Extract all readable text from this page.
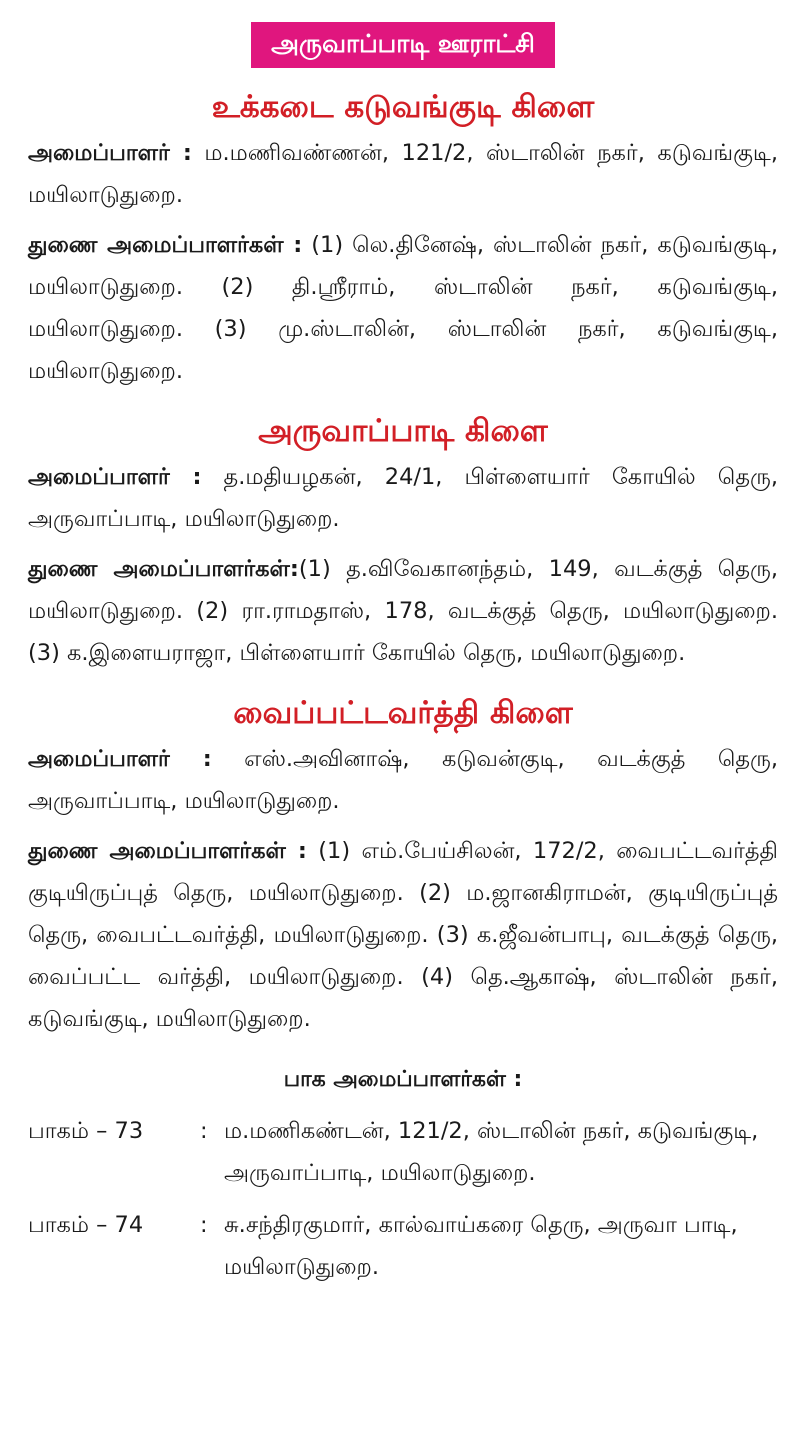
அருவாப்பாடி ஊராட்சி
உக்கடை கடுவங்குடி கிளை

அமைப்பாளர் : ம.மணிவண்ணன், 121/2, ஸ்டாலின் நகர், கடுவங்குடி, மயிலாடுதுறை.

துணை அமைப்பாளர்கள் : (1) லெ.தினேஷ், ஸ்டாலின் நகர், கடுவங்குடி, மயிலாடுதுறை. (2) தி.ஸ்ரீராம், ஸ்டாலின் நகர், கடுவங்குடி, மயிலாடுதுறை. (3) மு.ஸ்டாலின், ஸ்டாலின் நகர், கடுவங்குடி, மயிலாடுதுறை.

அருவாப்பாடி கிளை

அமைப்பாளர் : த.மதியழகன், 24/1, பிள்ளையார் கோயில் தெரு, அருவாப்பாடி, மயிலாடுதுறை.

துணை அமைப்பாளர்கள்:(1) த.விவேகானந்தம், 149, வடக்குத் தெரு, மயிலாடுதுறை. (2) ரா.ராமதாஸ், 178, வடக்குத் தெரு, மயிலாடுதுறை. (3) க.இளையராஜா, பிள்ளையார் கோயில் தெரு, மயிலாடுதுறை.

வைப்பட்டவர்த்தி கிளை

அமைப்பாளர் : எஸ்.அவினாஷ், கடுவன்குடி, வடக்குத் தெரு, அருவாப்பாடி, மயிலாடுதுறை.

துணை அமைப்பாளர்கள் : (1) எம்.பேய்சிலன், 172/2, வைபட்டவர்த்தி குடியிருப்புத் தெரு, மயிலாடுதுறை. (2) ம.ஜானகிராமன், குடியிருப்புத் தெரு, வைபட்டவர்த்தி, மயிலாடுதுறை. (3) க.ஜீவன்பாபு, வடக்குத் தெரு, வைப்பட்ட வர்த்தி, மயிலாடுதுறை. (4) தெ.ஆகாஷ், ஸ்டாலின் நகர், கடுவங்குடி, மயிலாடுதுறை.

பாக அமைப்பாளர்கள் :
பாகம் – 73	: ம.மணிகண்டன், 121/2, ஸ்டாலின் நகர், கடுவங்குடி, அருவாப்பாடி, மயிலாடுதுறை.
பாகம் – 74	: சு.சந்திரகுமார், கால்வாய்கரை தெரு, அருவா பாடி, மயிலாடுதுறை.
